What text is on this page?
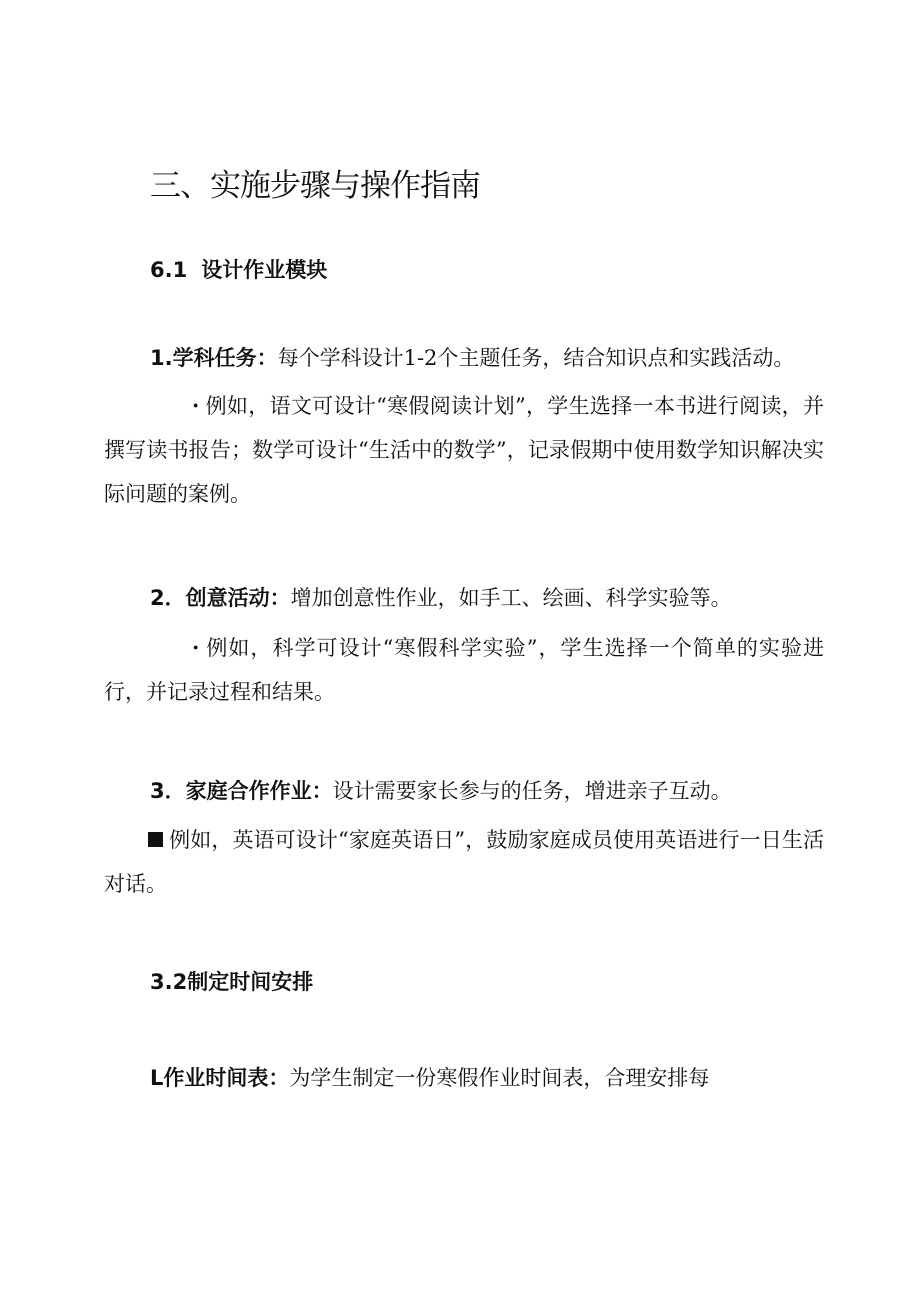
三、实施步骤与操作指南
6.1 设计作业模块
1.学科任务：每个学科设计1-2个主题任务，结合知识点和实践活动。
· 例如，语文可设计“寒假阅读计划”，学生选择一本书进行阅读，并撰写读书报告；数学可设计“生活中的数学”，记录假期中使用数学知识解决实际问题的案例。
2．创意活动：增加创意性作业，如手工、绘画、科学实验等。
· 例如，科学可设计“寒假科学实验”，学生选择一个简单的实验进行，并记录过程和结果。
3．家庭合作作业：设计需要家长参与的任务，增进亲子互动。
例如，英语可设计“家庭英语日”，鼓励家庭成员使用英语进行一日生活对话。
3.2制定时间安排
L作业时间表：为学生制定一份寒假作业时间表，合理安排每
